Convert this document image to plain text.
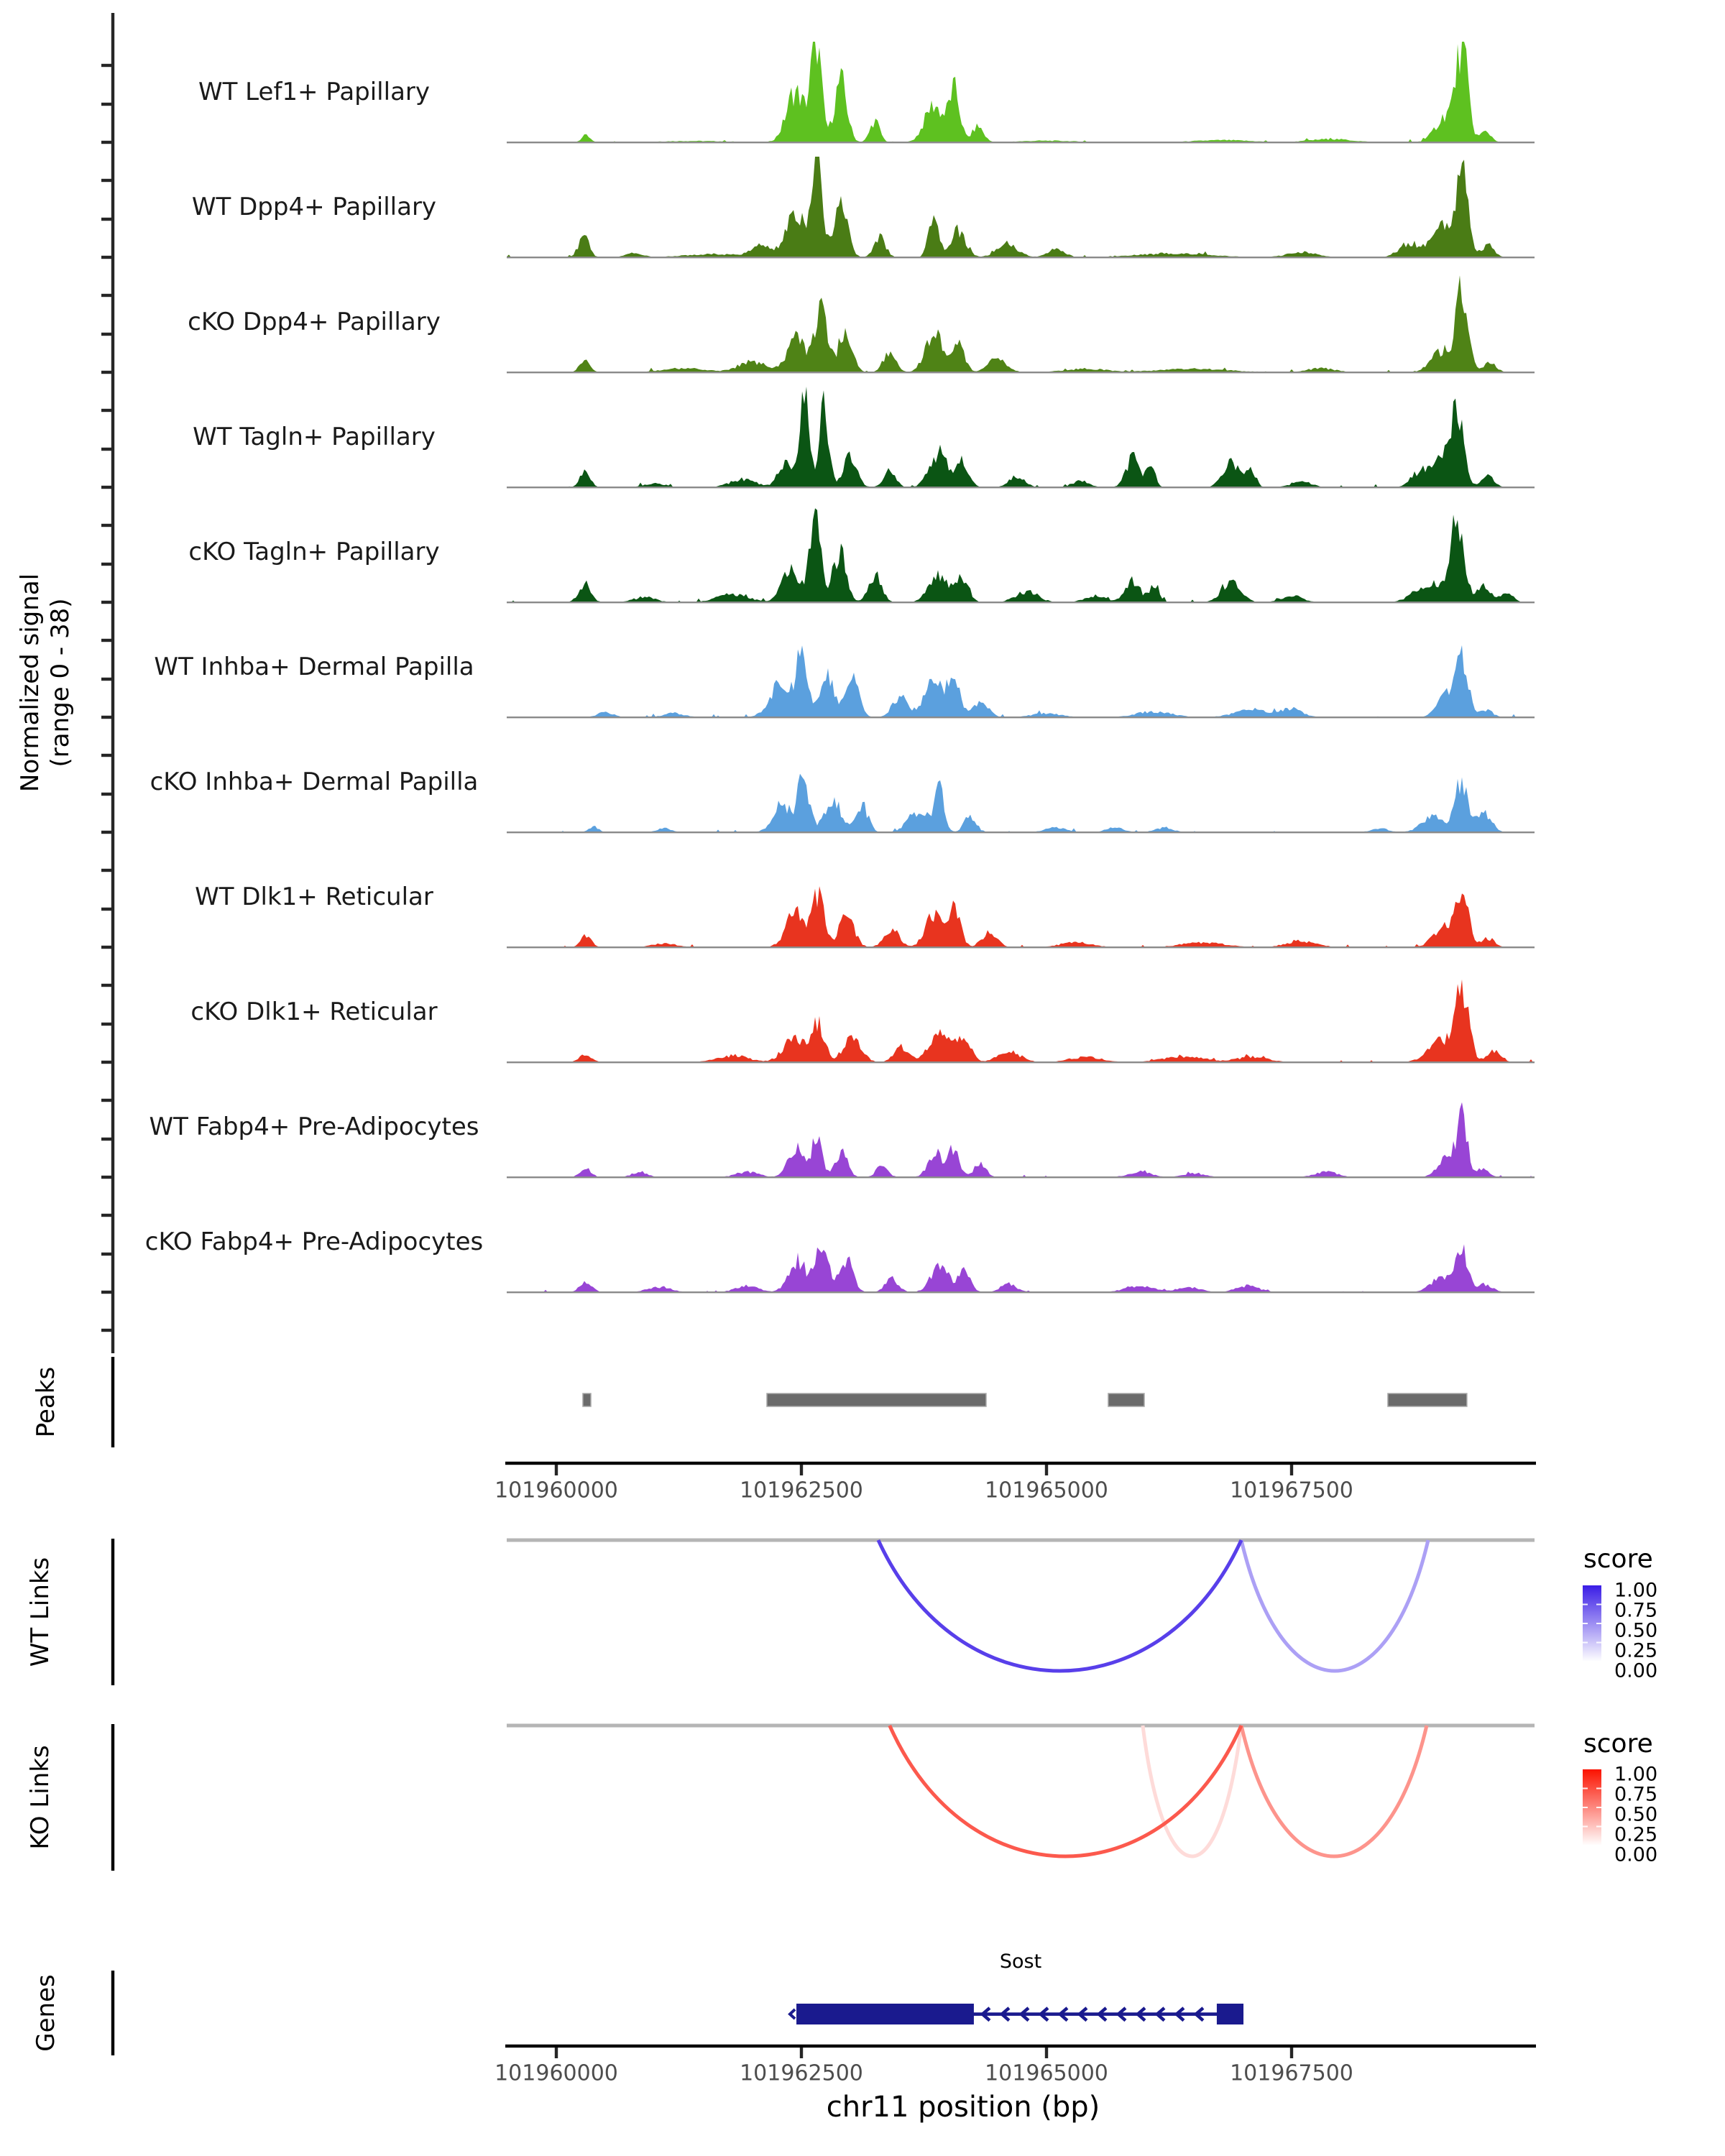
WT Lef1+ Papillary
WT Dpp4+ Papillary
cKO Dpp4+ Papillary
WT Tagln+ Papillary
cKO Tagln+ Papillary
WT Inhba+ Dermal Papilla
cKO Inhba+ Dermal Papilla
WT Dlk1+ Reticular
cKO Dlk1+ Reticular
WT Fabp4+ Pre-Adipocytes
cKO Fabp4+ Pre-Adipocytes
101960000	101962500	101965000	101967500
101960000	101962500	101965000	101967500
1.00
0.75
0.50
0.25
0.00
1.00
0.75
0.50
0.25
0.00
Normalized signal (range 0 - 38)
Peaks
WT Links
KO Links
Genes
score
score
Sost
chr11 position (bp)
